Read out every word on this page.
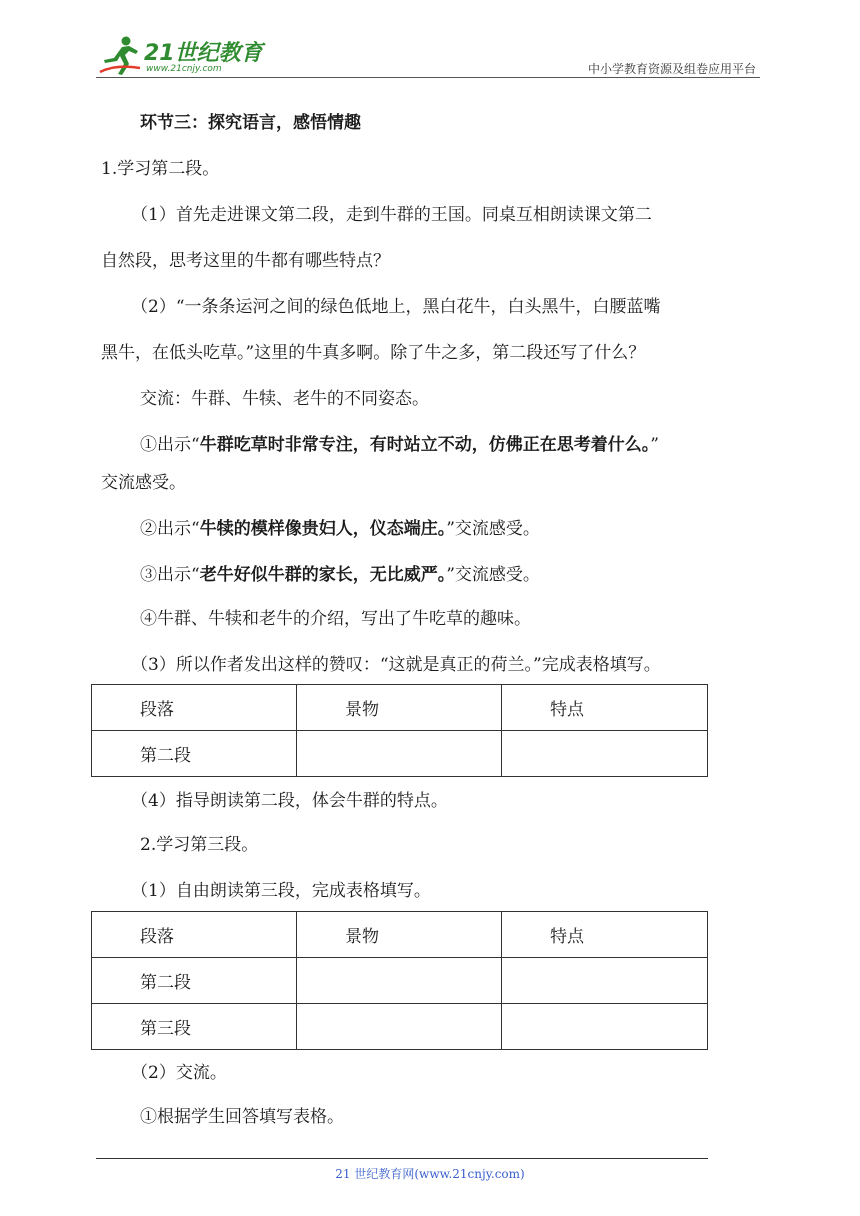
21世纪教育
www.21cnjy.com	中小学教育资源及组卷应用平台
环节三：探究语言，感悟情趣
1.学习第二段。
（1）首先走进课文第二段，走到牛群的王国。同桌互相朗读课文第二
自然段，思考这里的牛都有哪些特点？
（2）“一条条运河之间的绿色低地上，黑白花牛，白头黑牛，白腰蓝嘴
黑牛，在低头吃草。”这里的牛真多啊。除了牛之多，第二段还写了什么？
交流：牛群、牛犊、老牛的不同姿态。
①出示“牛群吃草时非常专注，有时站立不动，仿佛正在思考着什么。”
交流感受。
②出示“牛犊的模样像贵妇人，仪态端庄。”交流感受。
③出示“老牛好似牛群的家长，无比威严。”交流感受。
④牛群、牛犊和老牛的介绍，写出了牛吃草的趣味。
（3）所以作者发出这样的赞叹：“这就是真正的荷兰。”完成表格填写。
段落	景物	特点
第二段		
（4）指导朗读第二段，体会牛群的特点。
2.学习第三段。
（1）自由朗读第三段，完成表格填写。
段落	景物	特点
第二段		
第三段		
（2）交流。
①根据学生回答填写表格。
21 世纪教育网(www.21cnjy.com)
